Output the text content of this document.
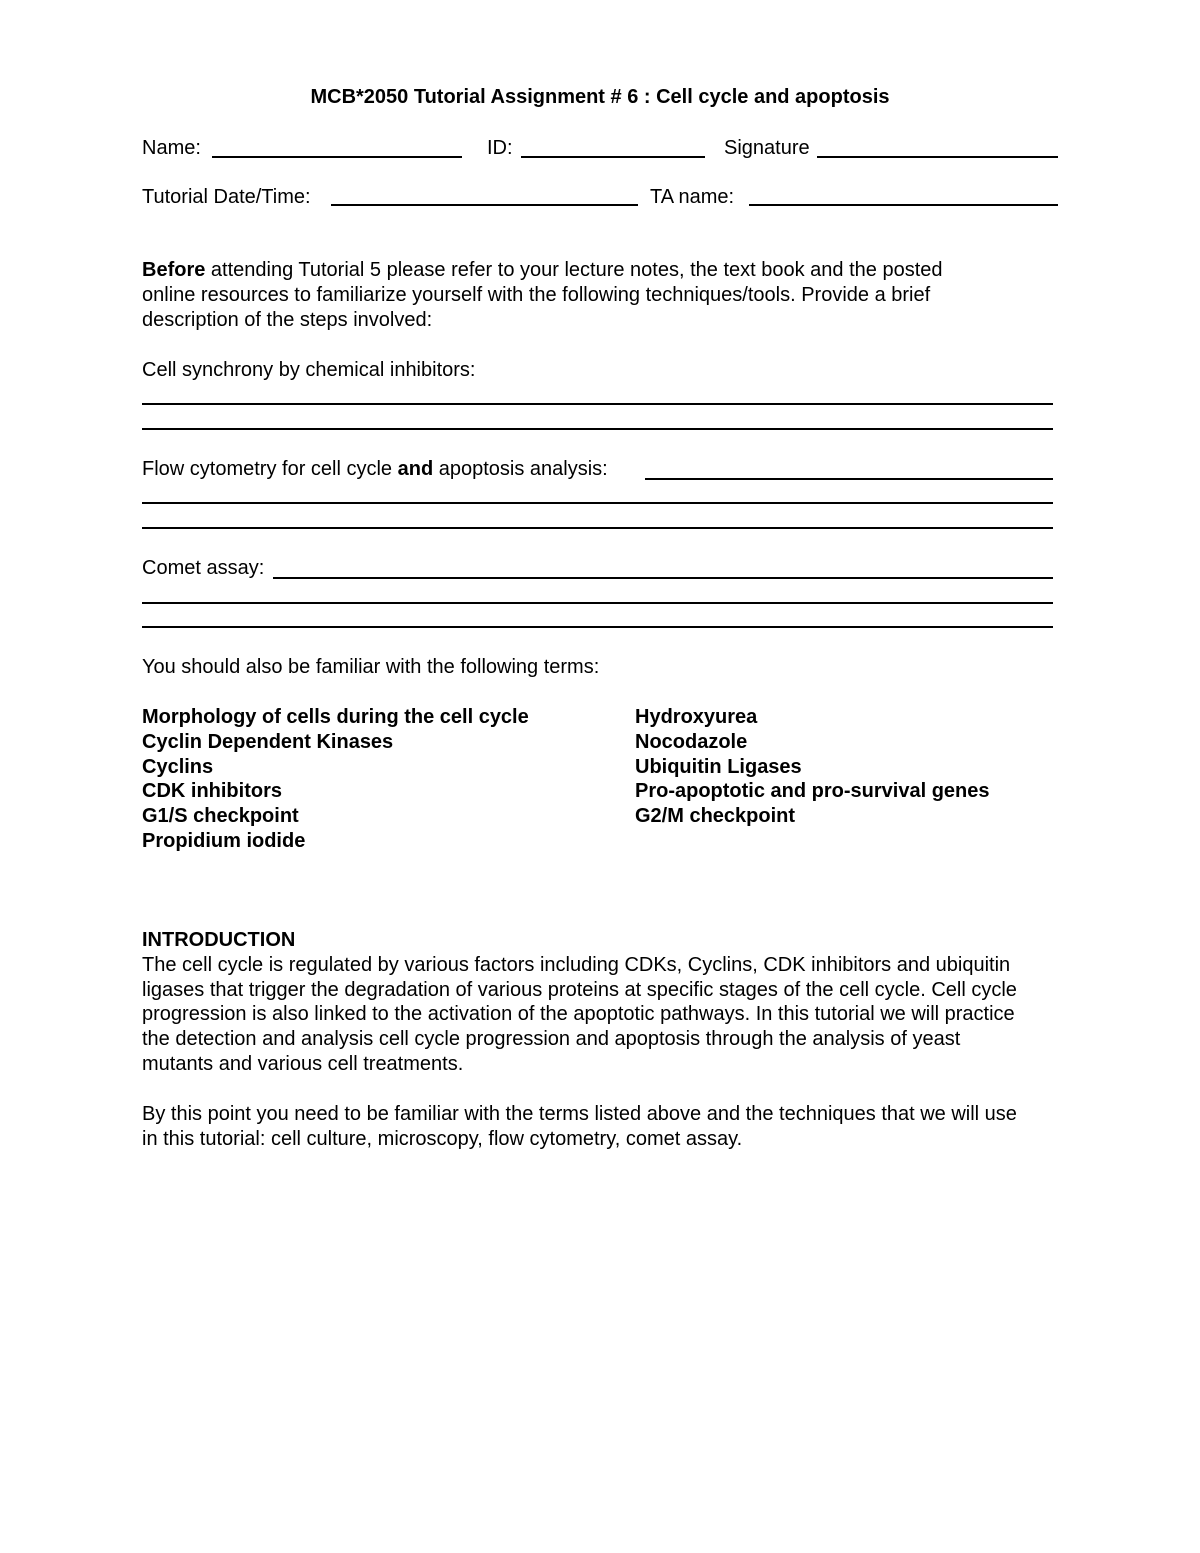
MCB*2050 Tutorial Assignment # 6 : Cell cycle and apoptosis
Name:	ID:	Signature
Tutorial Date/Time:	TA name:
Before attending Tutorial 5 please refer to your lecture notes, the text book and the posted
online resources to familiarize yourself with the following techniques/tools. Provide a brief
description of the steps involved:
Cell synchrony by chemical inhibitors:
Flow cytometry for cell cycle and apoptosis analysis:
Comet assay:
You should also be familiar with the following terms:
Morphology of cells during the cell cycle
Cyclin Dependent Kinases
Cyclins
CDK inhibitors
G1/S checkpoint
Propidium iodide
Hydroxyurea
Nocodazole
Ubiquitin Ligases
Pro-apoptotic and pro-survival genes
G2/M checkpoint
INTRODUCTION
The cell cycle is regulated by various factors including CDKs, Cyclins, CDK inhibitors and ubiquitin
ligases that trigger the degradation of various proteins at specific stages of the cell cycle. Cell cycle
progression is also linked to the activation of the apoptotic pathways. In this tutorial we will practice
the detection and analysis cell cycle progression and apoptosis through the analysis of yeast
mutants and various cell treatments.
By this point you need to be familiar with the terms listed above and the techniques that we will use
in this tutorial: cell culture, microscopy, flow cytometry, comet assay.
